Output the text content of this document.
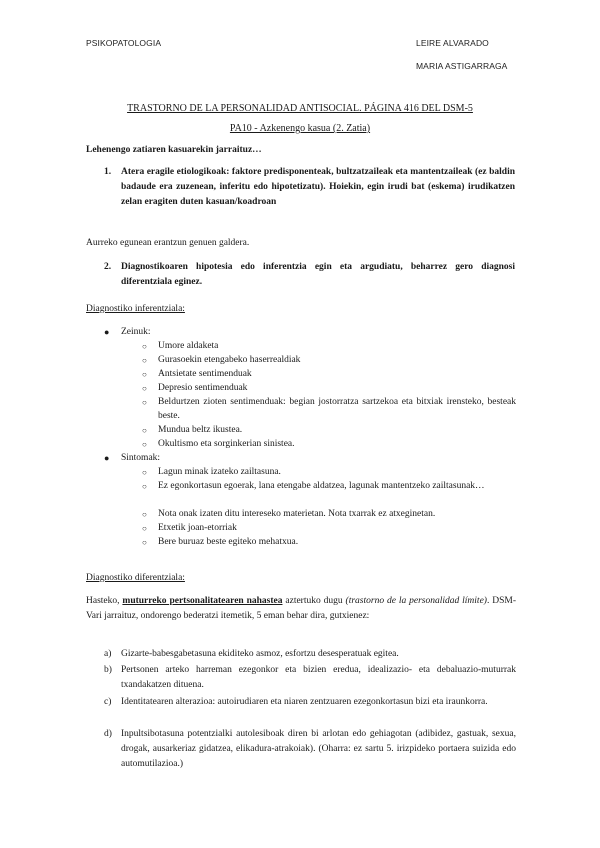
PSIKOPATOLOGIA	LEIRE ALVARADO
MARIA ASTIGARRAGA
TRASTORNO DE LA PERSONALIDAD ANTISOCIAL. PÁGINA 416 DEL DSM-5
PA10 - Azkenengo kasua (2. Zatia)
Lehenengo zatiaren kasuarekin jarraituz…
1. Atera eragile etiologikoak: faktore predisponenteak, bultzatzaileak eta mantentzaileak (ez baldin badaude era zuzenean, inferitu edo hipotetizatu). Hoiekin, egin irudi bat (eskema) irudikatzen zelan eragiten duten kasuan/koadroan
Aurreko egunean erantzun genuen galdera.
2. Diagnostikoaren hipotesia edo inferentzia egin eta argudiatu, beharrez gero diagnosi diferentziala eginez.
Diagnostiko inferentziala:
● Zeinuk:
○ Umore aldaketa
○ Gurasoekin etengabeko haserrealdiak
○ Antsietate sentimenduak
○ Depresio sentimenduak
○ Beldurtzen zioten sentimenduak: begian jostorratza sartzekoa eta bitxiak irensteko, besteak beste.
○ Mundua beltz ikustea.
○ Okultismo eta sorginkerian sinistea.
● Sintomak:
○ Lagun minak izateko zailtasuna.
○ Ez egonkortasun egoerak, lana etengabe aldatzea, lagunak mantentzeko zailtasunak…
○ Nota onak izaten ditu intereseko materietan. Nota txarrak ez atxeginetan.
○ Etxetik joan-etorriak
○ Bere buruaz beste egiteko mehatxua.
Diagnostiko diferentziala:
Hasteko, muturreko pertsonalitatearen nahastea aztertuko dugu (trastorno de la personalidad límite). DSM-Vari jarraituz, ondorengo bederatzi itemetik, 5 eman behar dira, gutxienez:
a) Gizarte-babesgabetasuna ekiditeko asmoz, esfortzu desesperatuak egitea.
b) Pertsonen arteko harreman ezegonkor eta bizien eredua, idealizazio- eta debaluazio-muturrak txandakatzen dituena.
c) Identitatearen alterazioa: autoirudiaren eta niaren zentzuaren ezegonkortasun bizi eta iraunkorra.
d) Inpultsibotasuna potentzialki autolesiboak diren bi arlotan edo gehiagotan (adibidez, gastuak, sexua, drogak, ausarkeriaz gidatzea, elikadura-atrakoiak). (Oharra: ez sartu 5. irizpideko portaera suizida edo automutilazioa.)
